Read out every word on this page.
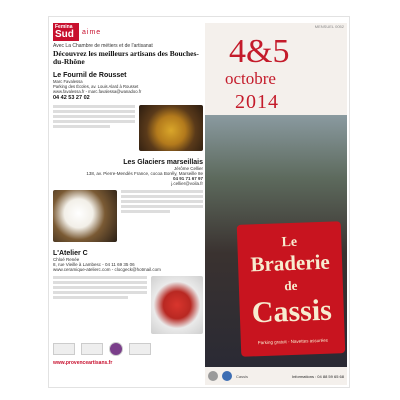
Femina
Sud	aime
Avec La Chambre de métiers et de l'artisanat
Découvrez les meilleurs artisans des Bouches-du-Rhône
Le Fournil de Rousset
Marc Favalessa
Parking des Écoles, av. Louis Alard à Rousset
www.favalessa.fr - marc.favalessa@wanadoo.fr
04 42 53 27 02
Les Glaciers marseillais
Jérôme Cellier
138, av. Pierre-Mendès France, cocoa Borély, Marseille 8e
04 91 71 67 97
j.cellier@voila.fr
L'Atelier C
Chloé Renée
8, rue Vieille à Lambesc - 04 11 69 35 06
www.ceramique-atelierc.com - clocgeck@hotmail.com
www.provenceartisans.fr
MENSUEL 0052
4&5
octobre
2014
Le
Braderie
de
Cassis
Parking gratuit - Navettes assurées
Cassis	Informations : 04 88 59 65 68
